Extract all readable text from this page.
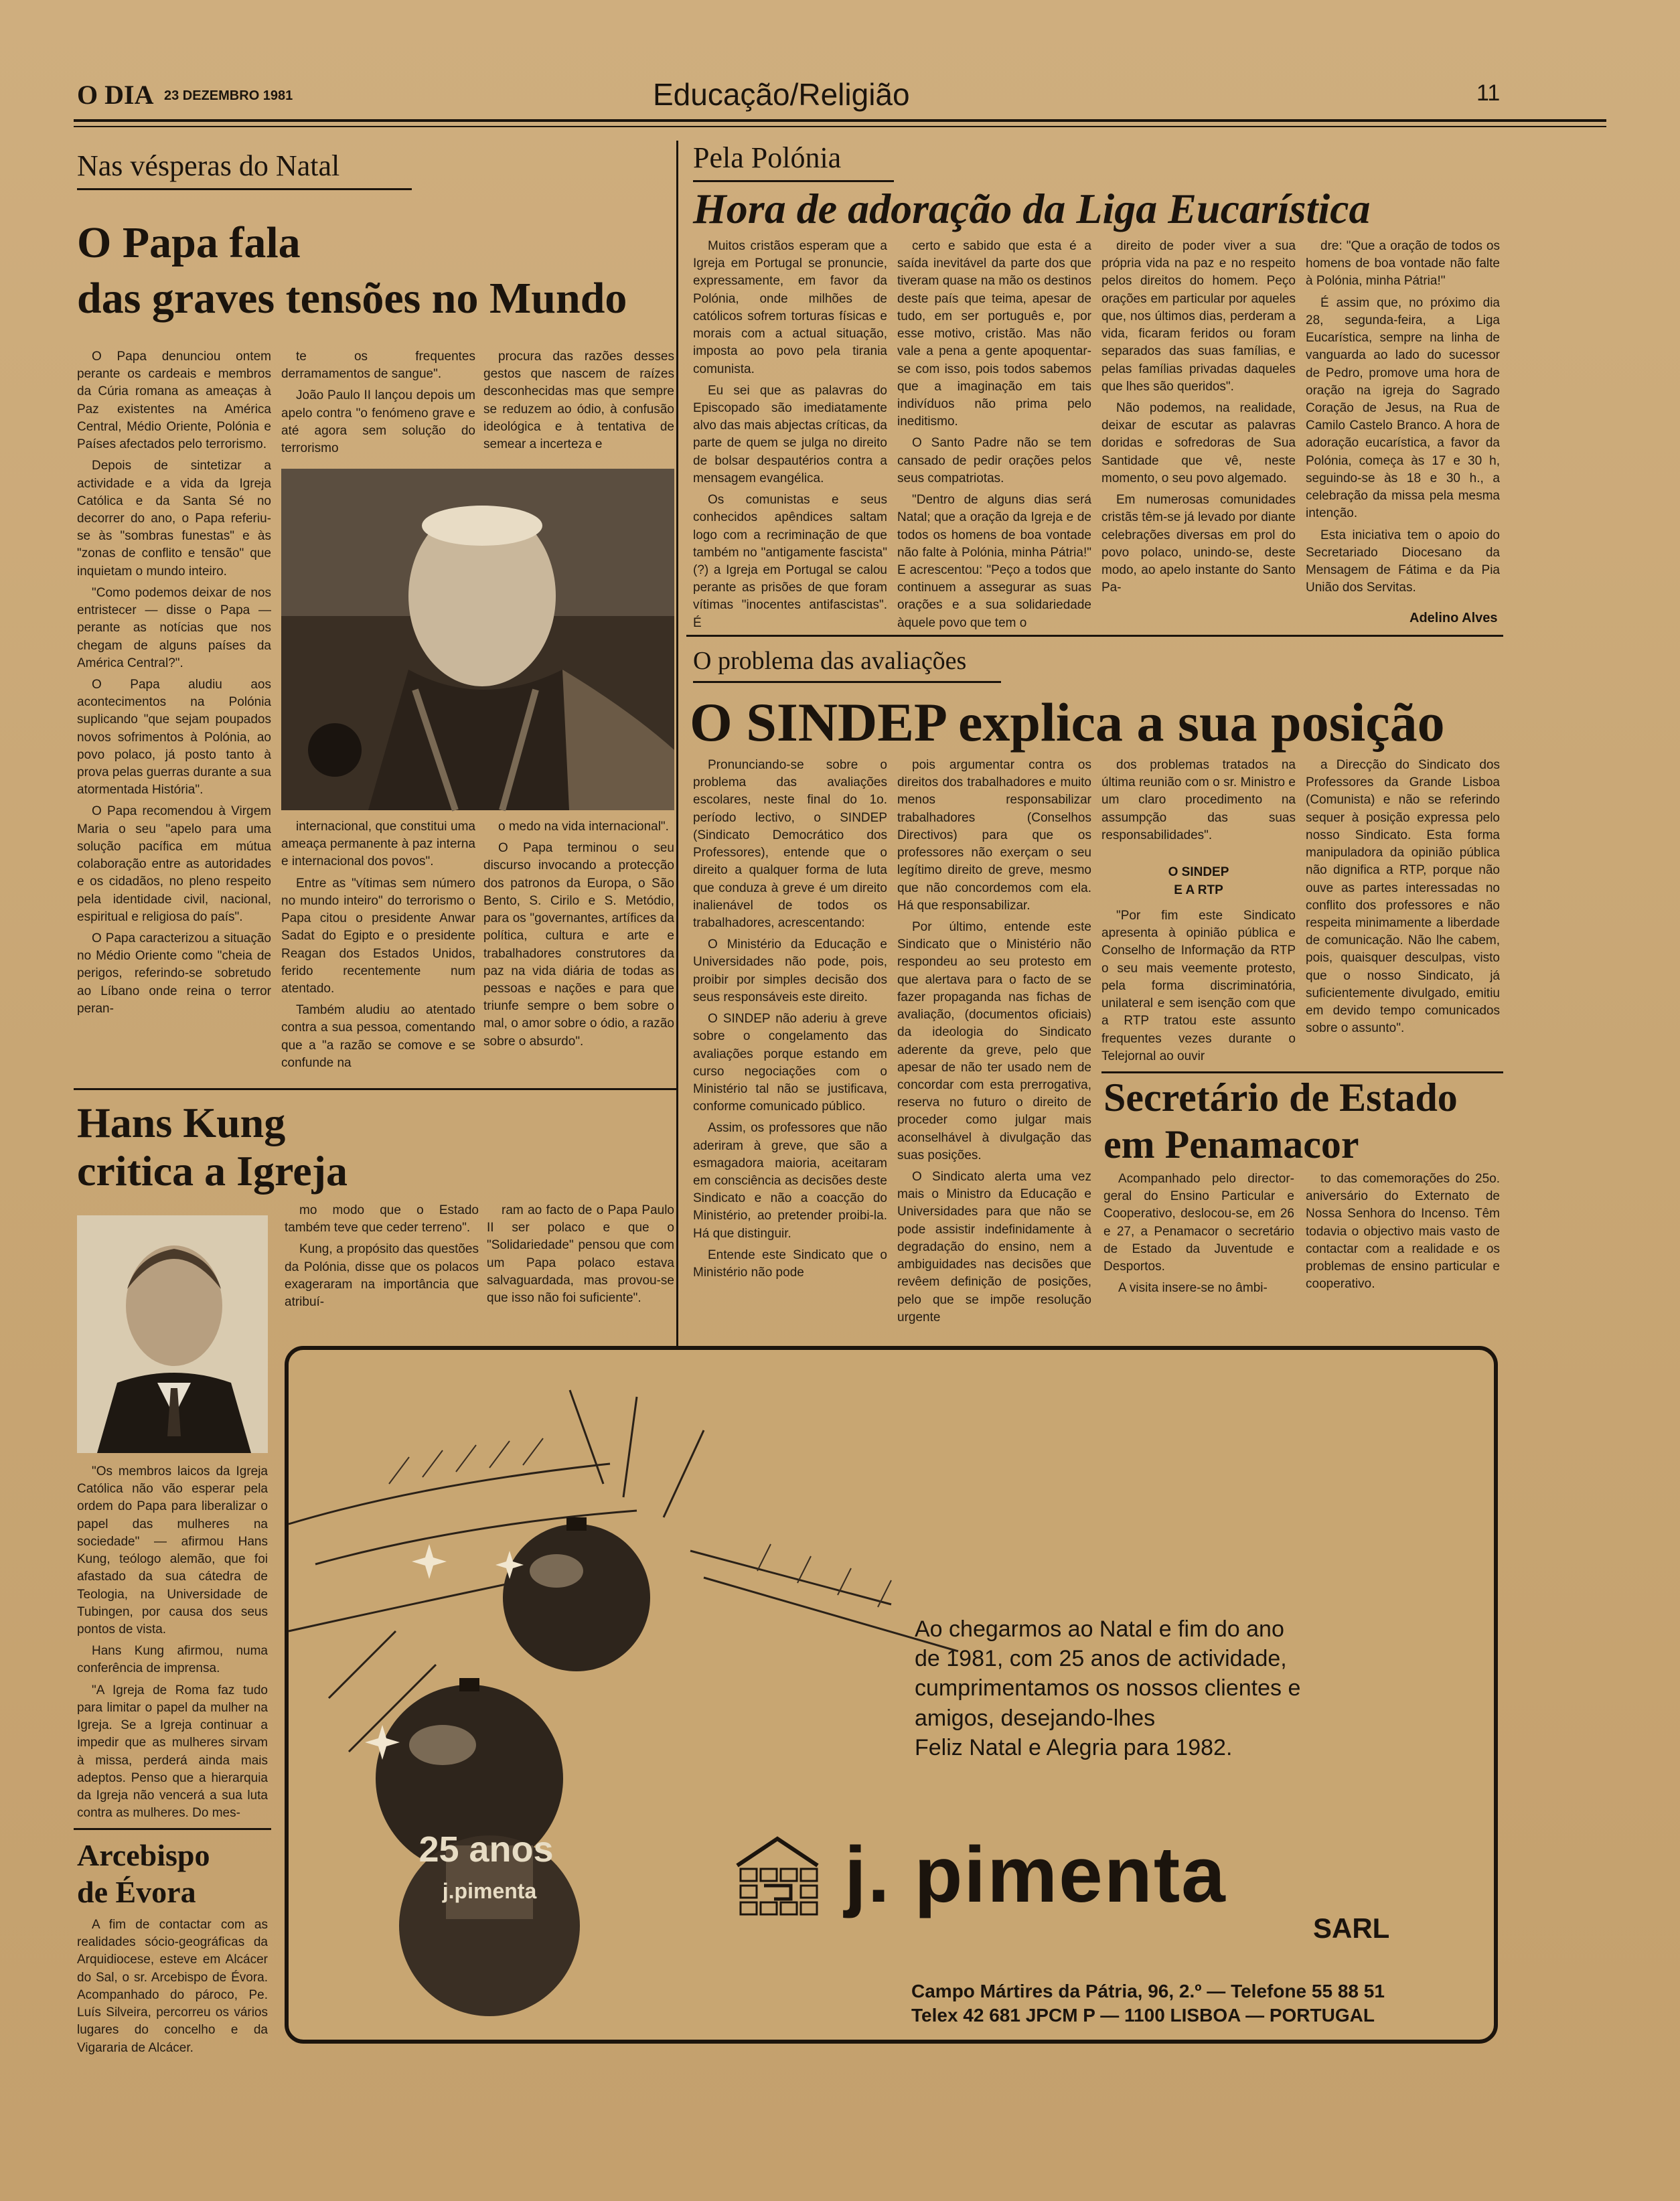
O DIA 23 DEZEMBRO 1981	Educação/Religião	11
Nas vésperas do Natal
O Papa fala
das graves tensões no Mundo

O Papa denunciou ontem perante os cardeais e membros da Cúria romana as ameaças à Paz existentes na América Central, Médio Oriente, Polónia e Países afectados pelo terrorismo.

Depois de sintetizar a actividade e a vida da Igreja Católica e da Santa Sé no decorrer do ano, o Papa referiu-se às "sombras funestas" e às "zonas de conflito e tensão" que inquietam o mundo inteiro.

"Como podemos deixar de nos entristecer — disse o Papa — perante as notícias que nos chegam de alguns países da América Central?".

O Papa aludiu aos acontecimentos na Polónia suplicando "que sejam poupados novos sofrimentos à Polónia, ao povo polaco, já posto tanto à prova pelas guerras durante a sua atormentada História".

O Papa recomendou à Virgem Maria o seu "apelo para uma solução pacífica em mútua colaboração entre as autoridades e os cidadãos, no pleno respeito pela identidade civil, nacional, espiritual e religiosa do país".

O Papa caracterizou a situação no Médio Oriente como "cheia de perigos, referindo-se sobretudo ao Líbano onde reina o terror peran-

te os frequentes derramamentos de sangue".

João Paulo II lançou depois um apelo contra "o fenómeno grave e até agora sem solução do terrorismo

procura das razões desses gestos que nascem de raízes desconhecidas mas que sempre se reduzem ao ódio, à confusão ideológica e à tentativa de semear a incerteza e

internacional, que constitui uma ameaça permanente à paz interna e internacional dos povos".

Entre as "vítimas sem número no mundo inteiro" do terrorismo o Papa citou o presidente Anwar Sadat do Egipto e o presidente Reagan dos Estados Unidos, ferido recentemente num atentado.

Também aludiu ao atentado contra a sua pessoa, comentando que a "a razão se comove e se confunde na

o medo na vida internacional".

O Papa terminou o seu discurso invocando a protecção dos patronos da Europa, o São Bento, S. Cirilo e S. Metódio, para os "governantes, artífices da política, cultura e arte e trabalhadores construtores da paz na vida diária de todas as pessoas e nações e para que triunfe sempre o bem sobre o mal, o amor sobre o ódio, a razão sobre o absurdo".

Pela Polónia
Hora de adoração da Liga Eucarística

Muitos cristãos esperam que a Igreja em Portugal se pronuncie, expressamente, em favor da Polónia, onde milhões de católicos sofrem torturas físicas e morais com a actual situação, imposta ao povo pela tirania comunista.

Eu sei que as palavras do Episcopado são imediatamente alvo das mais abjectas críticas, da parte de quem se julga no direito de bolsar despautérios contra a mensagem evangélica.

Os comunistas e seus conhecidos apêndices saltam logo com a recriminação de que também no "antigamente fascista"(?) a Igreja em Portugal se calou perante as prisões de que foram vítimas "inocentes antifascistas". É

certo e sabido que esta é a saída inevitável da parte dos que tiveram quase na mão os destinos deste país que teima, apesar de tudo, em ser português e, por esse motivo, cristão. Mas não vale a pena a gente apoquentar-se com isso, pois todos sabemos que a imaginação em tais indivíduos não prima pelo ineditismo.

O Santo Padre não se tem cansado de pedir orações pelos seus compatriotas.

"Dentro de alguns dias será Natal; que a oração da Igreja e de todos os homens de boa vontade não falte à Polónia, minha Pátria!" E acrescentou: "Peço a todos que continuem a assegurar as suas orações e a sua solidariedade àquele povo que tem o

direito de poder viver a sua própria vida na paz e no respeito pelos direitos do homem. Peço orações em particular por aqueles que, nos últimos dias, perderam a vida, ficaram feridos ou foram separados das suas famílias, e pelas famílias privadas daqueles que lhes são queridos".

Não podemos, na realidade, deixar de escutar as palavras doridas e sofredoras de Sua Santidade que vê, neste momento, o seu povo algemado.

Em numerosas comunidades cristãs têm-se já levado por diante celebrações diversas em prol do povo polaco, unindo-se, deste modo, ao apelo instante do Santo Pa-

dre: "Que a oração de todos os homens de boa vontade não falte à Polónia, minha Pátria!"

É assim que, no próximo dia 28, segunda-feira, a Liga Eucarística, sempre na linha de vanguarda ao lado do sucessor de Pedro, promove uma hora de oração na igreja do Sagrado Coração de Jesus, na Rua de Camilo Castelo Branco. A hora de adoração eucarística, a favor da Polónia, começa às 17 e 30 h, seguindo-se às 18 e 30 h., a celebração da missa pela mesma intenção.

Esta iniciativa tem o apoio do Secretariado Diocesano da Mensagem de Fátima e da Pia União dos Servitas.

Adelino Alves
O problema das avaliações
O SINDEP explica a sua posição

Pronunciando-se sobre o problema das avaliações escolares, neste final do 1o. período lectivo, o SINDEP (Sindicato Democrático dos Professores), entende que o direito a qualquer forma de luta que conduza à greve é um direito inalienável de todos os trabalhadores, acrescentando:

O Ministério da Educação e Universidades não pode, pois, proibir por simples decisão dos seus responsáveis este direito.

O SINDEP não aderiu à greve sobre o congelamento das avaliações porque estando em curso negociações com o Ministério tal não se justificava, conforme comunicado público.

Assim, os professores que não aderiram à greve, que são a esmagadora maioria, aceitaram em consciência as decisões deste Sindicato e não a coacção do Ministério, ao pretender proibi-la. Há que distinguir.

Entende este Sindicato que o Ministério não pode

pois argumentar contra os direitos dos trabalhadores e muito menos responsabilizar trabalhadores (Conselhos Directivos) para que os professores não exerçam o seu legítimo direito de greve, mesmo que não concordemos com ela. Há que responsabilizar.

Por último, entende este Sindicato que o Ministério não respondeu ao seu protesto em que alertava para o facto de se fazer propaganda nas fichas de avaliação, (documentos oficiais) da ideologia do Sindicato aderente da greve, pelo que apesar de não ter usado nem de concordar com esta prerrogativa, reserva no futuro o direito de proceder como julgar mais aconselhável à divulgação das suas posições.

O Sindicato alerta uma vez mais o Ministro da Educação e Universidades para que não se pode assistir indefinidamente à degradação do ensino, nem a ambiguidades nas decisões que revêem definição de posições, pelo que se impõe resolução urgente

dos problemas tratados na última reunião com o sr. Ministro e um claro procedimento na assumpção das suas responsabilidades".

O SINDEP
E A RTP

"Por fim este Sindicato apresenta à opinião pública e Conselho de Informação da RTP o seu mais veemente protesto, pela forma discriminatória, unilateral e sem isenção com que a RTP tratou este assunto frequentes vezes durante o Telejornal ao ouvir

a Direcção do Sindicato dos Professores da Grande Lisboa (Comunista) e não se referindo sequer à posição expressa pelo nosso Sindicato. Esta forma manipuladora da opinião pública não dignifica a RTP, porque não ouve as partes interessadas no conflito dos professores e não respeita minimamente a liberdade de comunicação. Não lhe cabem, pois, quaisquer desculpas, visto que o nosso Sindicato, já suficientemente divulgado, emitiu em devido tempo comunicados sobre o assunto".

Secretário de Estado
em Penamacor

Acompanhado pelo director-geral do Ensino Particular e Cooperativo, deslocou-se, em 26 e 27, a Penamacor o secretário de Estado da Juventude e Desportos.

A visita insere-se no âmbi-

to das comemorações do 25o. aniversário do Externato de Nossa Senhora do Incenso. Têm todavia o objectivo mais vasto de contactar com a realidade e os problemas de ensino particular e cooperativo.

Hans Kung
critica a Igreja

mo modo que o Estado também teve que ceder terreno".

Kung, a propósito das questões da Polónia, disse que os polacos exageraram na importância que atribuí-

ram ao facto de o Papa Paulo II ser polaco e que o "Solidariedade" pensou que com um Papa polaco estava salvaguardada, mas provou-se que isso não foi suficiente".

"Os membros laicos da Igreja Católica não vão esperar pela ordem do Papa para liberalizar o papel das mulheres na sociedade" — afirmou Hans Kung, teólogo alemão, que foi afastado da sua cátedra de Teologia, na Universidade de Tubingen, por causa dos seus pontos de vista.

Hans Kung afirmou, numa conferência de imprensa.

"A Igreja de Roma faz tudo para limitar o papel da mulher na Igreja. Se a Igreja continuar a impedir que as mulheres sirvam à missa, perderá ainda mais adeptos. Penso que a hierarquia da Igreja não vencerá a sua luta contra as mulheres. Do mes-

Arcebispo
de Évora

A fim de contactar com as realidades sócio-geográficas da Arquidiocese, esteve em Alcácer do Sal, o sr. Arcebispo de Évora. Acompanhado do pároco, Pe. Luís Silveira, percorreu os vários lugares do concelho e da Vigararia de Alcácer.

25 anos
j.pimenta
Ao chegarmos ao Natal e fim do ano
de 1981, com 25 anos de actividade,
cumprimentamos os nossos clientes e
amigos, desejando-lhes
Feliz Natal e Alegria para 1982.
j. pimenta
SARL
Campo Mártires da Pátria, 96, 2.º — Telefone 55 88 51
Telex 42 681 JPCM P — 1100 LISBOA — PORTUGAL
